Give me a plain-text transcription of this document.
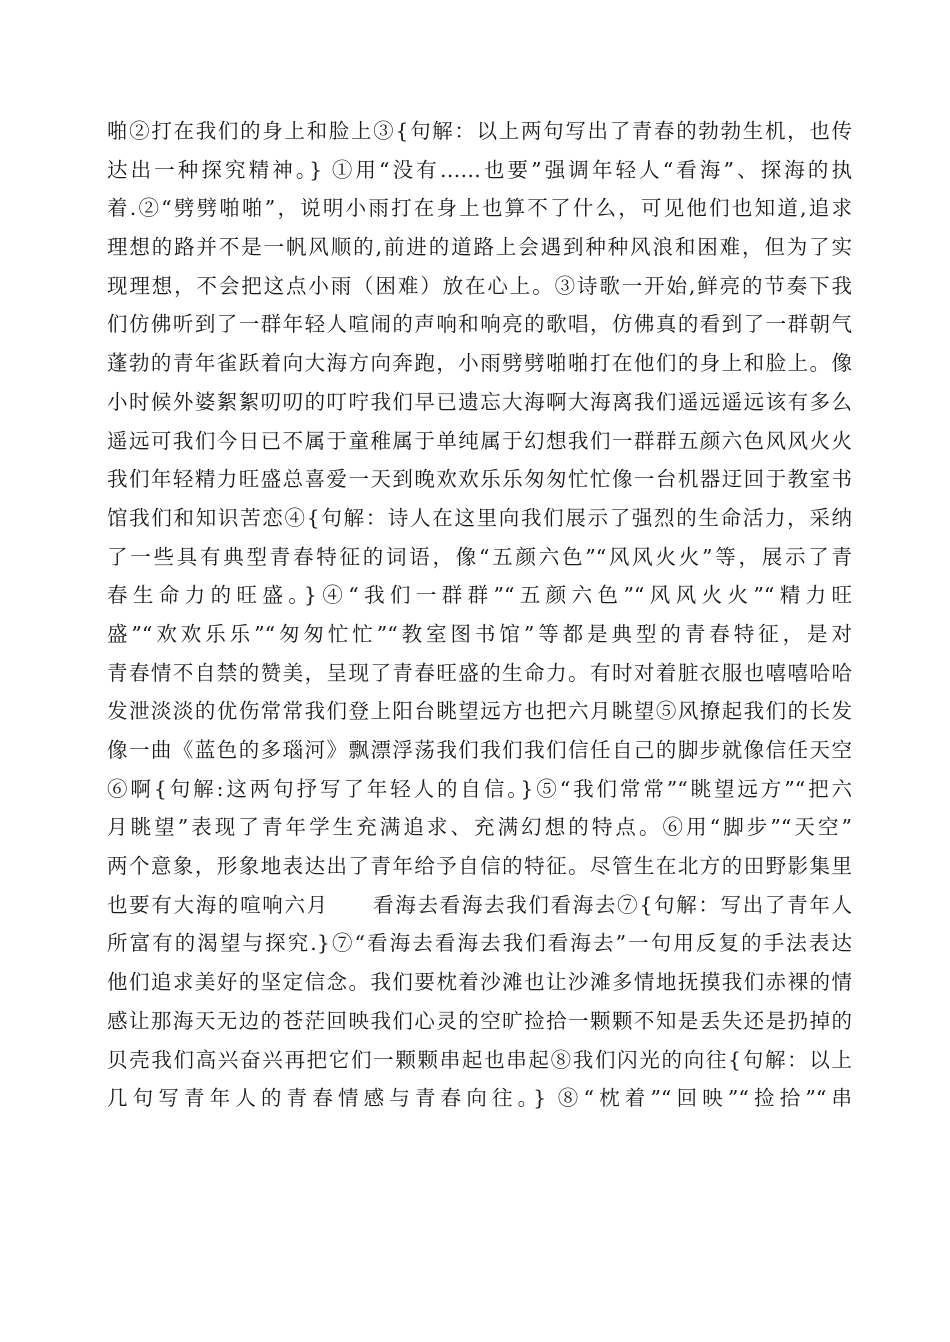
啪②打在我们的身上和脸上③{句解：以上两句写出了青春的勃勃生机，也传
达出一种探究精神。} ①用“没有……也要”强调年轻人“看海”、探海的执
着.②“劈劈啪啪”，说明小雨打在身上也算不了什么，可见他们也知道,追求
理想的路并不是一帆风顺的,前进的道路上会遇到种种风浪和困难，但为了实
现理想，不会把这点小雨（困难）放在心上。③诗歌一开始,鲜亮的节奏下我
们仿佛听到了一群年轻人喧闹的声响和响亮的歌唱，仿佛真的看到了一群朝气
蓬勃的青年雀跃着向大海方向奔跑，小雨劈劈啪啪打在他们的身上和脸上。像
小时候外婆絮絮叨叨的叮咛我们早已遗忘大海啊大海离我们遥远遥远该有多么
遥远可我们今日已不属于童稚属于单纯属于幻想我们一群群五颜六色风风火火
我们年轻精力旺盛总喜爱一天到晚欢欢乐乐匆匆忙忙像一台机器迂回于教室书
馆我们和知识苦恋④{句解：诗人在这里向我们展示了强烈的生命活力，采纳
了一些具有典型青春特征的词语，像“五颜六色”“风风火火”等，展示了青
春生命力的旺盛。}④“我们一群群”“五颜六色”“风风火火”“精力旺
盛”“欢欢乐乐”“匆匆忙忙”“教室图书馆”等都是典型的青春特征，是对
青春情不自禁的赞美，呈现了青春旺盛的生命力。有时对着脏衣服也嘻嘻哈哈
发泄淡淡的优伤常常我们登上阳台眺望远方也把六月眺望⑤风撩起我们的长发
像一曲《蓝色的多瑙河》飘漂浮荡我们我们我们信任自己的脚步就像信任天空
⑥啊{句解:这两句抒写了年轻人的自信。}⑤“我们常常”“眺望远方”“把六
月眺望”表现了青年学生充满追求、充满幻想的特点。⑥用“脚步”“天空”
两个意象，形象地表达出了青年给予自信的特征。尽管生在北方的田野影集里
也要有大海的喧响六月　　看海去看海去我们看海去⑦{句解：写出了青年人
所富有的渴望与探究.}⑦“看海去看海去我们看海去”一句用反复的手法表达
他们追求美好的坚定信念。我们要枕着沙滩也让沙滩多情地抚摸我们赤裸的情
感让那海天无边的苍茫回映我们心灵的空旷捡拾一颗颗不知是丢失还是扔掉的
贝壳我们高兴奋兴再把它们一颗颗串起也串起⑧我们闪光的向往{句解：以上
几句写青年人的青春情感与青春向往。} ⑧“枕着”“回映”“捡拾”“串
